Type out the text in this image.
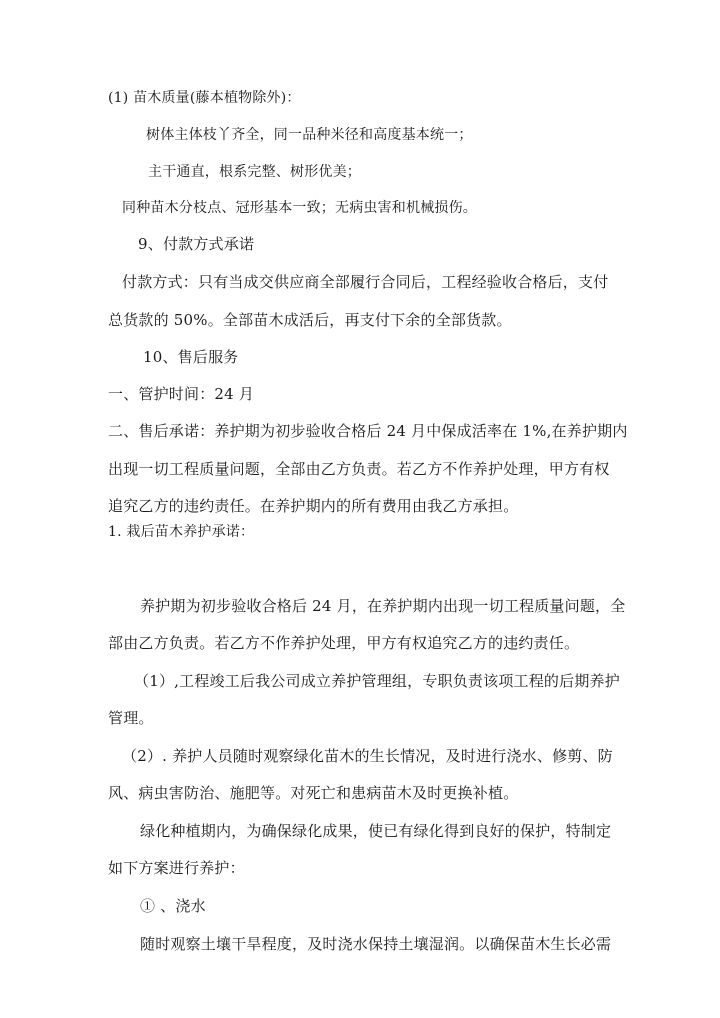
(1) 苗木质量(藤本植物除外)：
树体主体枝丫齐全，同一品种米径和高度基本统一；
主干通直，根系完整、树形优美；
同种苗木分枝点、冠形基本一致；无病虫害和机械损伤。
9、付款方式承诺
付款方式：只有当成交供应商全部履行合同后，工程经验收合格后，支付
总货款的 50%。全部苗木成活后，再支付下余的全部货款。
10、售后服务
一、管护时间：24 月
二、售后承诺：养护期为初步验收合格后 24 月中保成活率在 1%,在养护期内
出现一切工程质量问题，全部由乙方负责。若乙方不作养护处理，甲方有权
追究乙方的违约责任。在养护期内的所有费用由我乙方承担。
1. 栽后苗木养护承诺：
养护期为初步验收合格后 24 月，在养护期内出现一切工程质量问题，全
部由乙方负责。若乙方不作养护处理，甲方有权追究乙方的违约责任。
（1）,工程竣工后我公司成立养护管理组，专职负责该项工程的后期养护
管理。
（2）. 养护人员随时观察绿化苗木的生长情况，及时进行浇水、修剪、防
风、病虫害防治、施肥等。对死亡和患病苗木及时更换补植。
绿化种植期内，为确保绿化成果，使已有绿化得到良好的保护，特制定
如下方案进行养护：
① 、浇水
随时观察土壤干旱程度，及时浇水保持土壤湿润。以确保苗木生长必需
